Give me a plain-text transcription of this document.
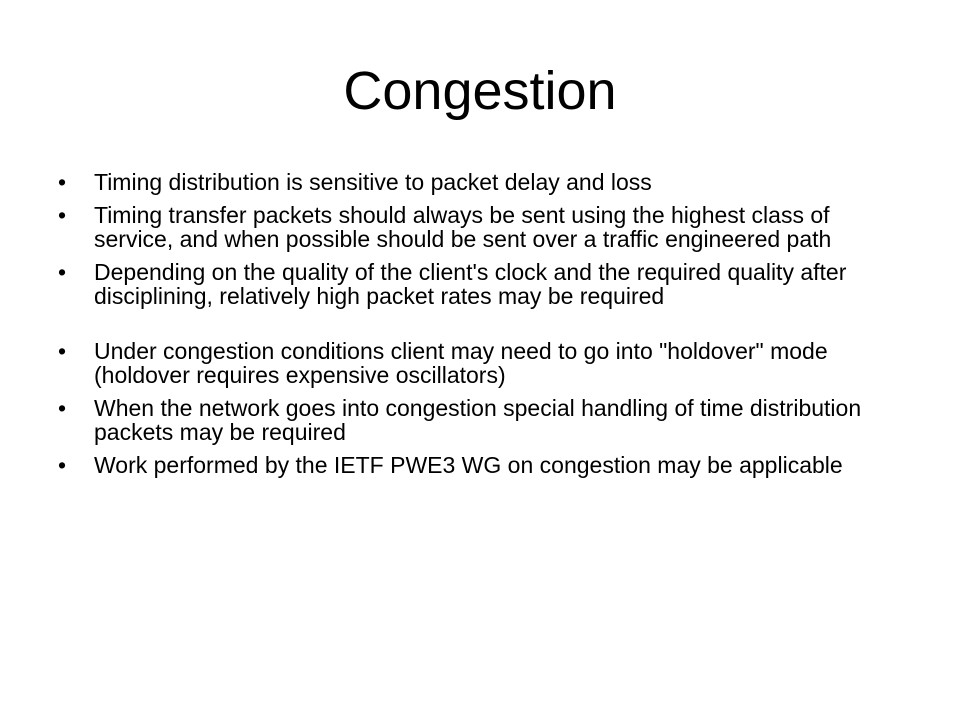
Congestion
•	Timing distribution is sensitive to packet delay and loss
•	Timing transfer packets should always be sent using the highest class of service, and when possible should be sent over a traffic engineered path
•	Depending on the quality of the client's clock and the required quality after disciplining, relatively high packet rates may be required
•	Under congestion conditions client may need to go into "holdover" mode (holdover requires expensive oscillators)
•	When the network goes into congestion special handling of time distribution packets may be required
•	Work performed by the IETF PWE3 WG on congestion may be applicable
